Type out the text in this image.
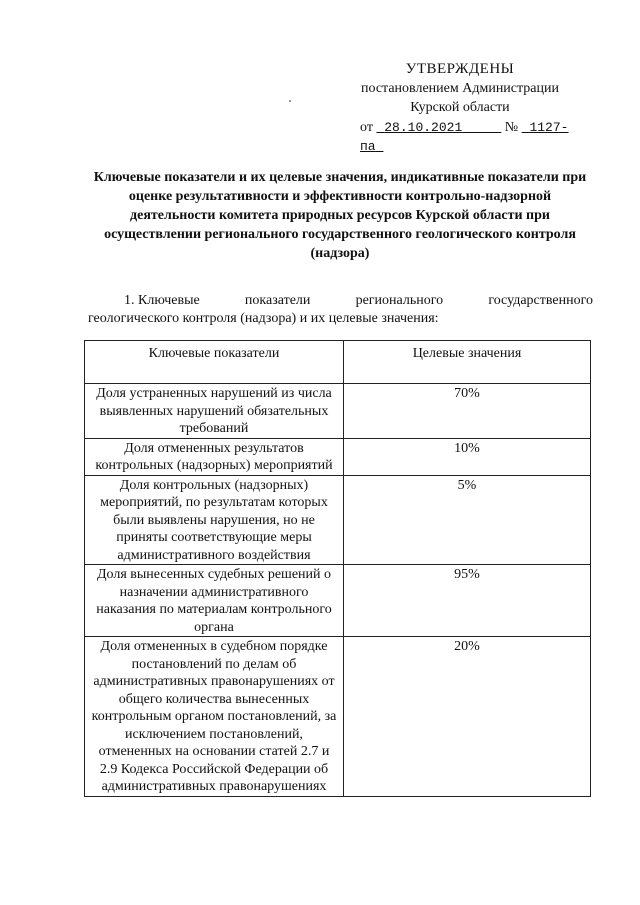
УТВЕРЖДЕНЫ
постановлением Администрации
Курской области
от 28.10.2021	№ 1127-па
Ключевые показатели и их целевые значения, индикативные показатели при оценке результативности и эффективности контрольно-надзорной деятельности комитета природных ресурсов Курской области при осуществлении регионального государственного геологического контроля (надзора)
1. Ключевые	показатели	регионального	государственного
геологического контроля (надзора) и их целевые значения:
Ключевые показатели	Целевые значения
Доля устраненных нарушений из числа выявленных нарушений обязательных требований	70%
Доля отмененных результатов контрольных (надзорных) мероприятий	10%
Доля контрольных (надзорных) мероприятий, по результатам которых были выявлены нарушения, но не приняты соответствующие меры административного воздействия	5%
Доля вынесенных судебных решений о назначении административного наказания по материалам контрольного органа	95%
Доля отмененных в судебном порядке постановлений по делам об административных правонарушениях от общего количества вынесенных контрольным органом постановлений, за исключением постановлений, отмененных на основании статей 2.7 и 2.9 Кодекса Российской Федерации об административных правонарушениях	20%
